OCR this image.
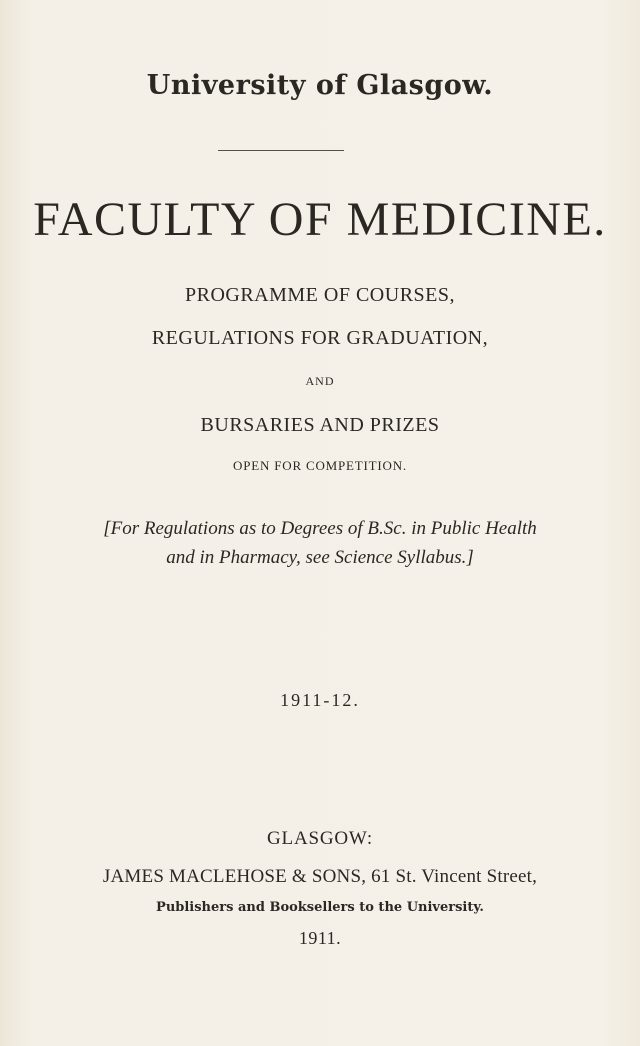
University of Glasgow.
FACULTY OF MEDICINE.
PROGRAMME OF COURSES,
REGULATIONS FOR GRADUATION,
AND
BURSARIES AND PRIZES
OPEN FOR COMPETITION.
[For Regulations as to Degrees of B.Sc. in Public Health
and in Pharmacy, see Science Syllabus.]
1911-12.
GLASGOW:
JAMES MACLEHOSE & SONS, 61 St. Vincent Street,
Publishers and Booksellers to the University.
1911.
